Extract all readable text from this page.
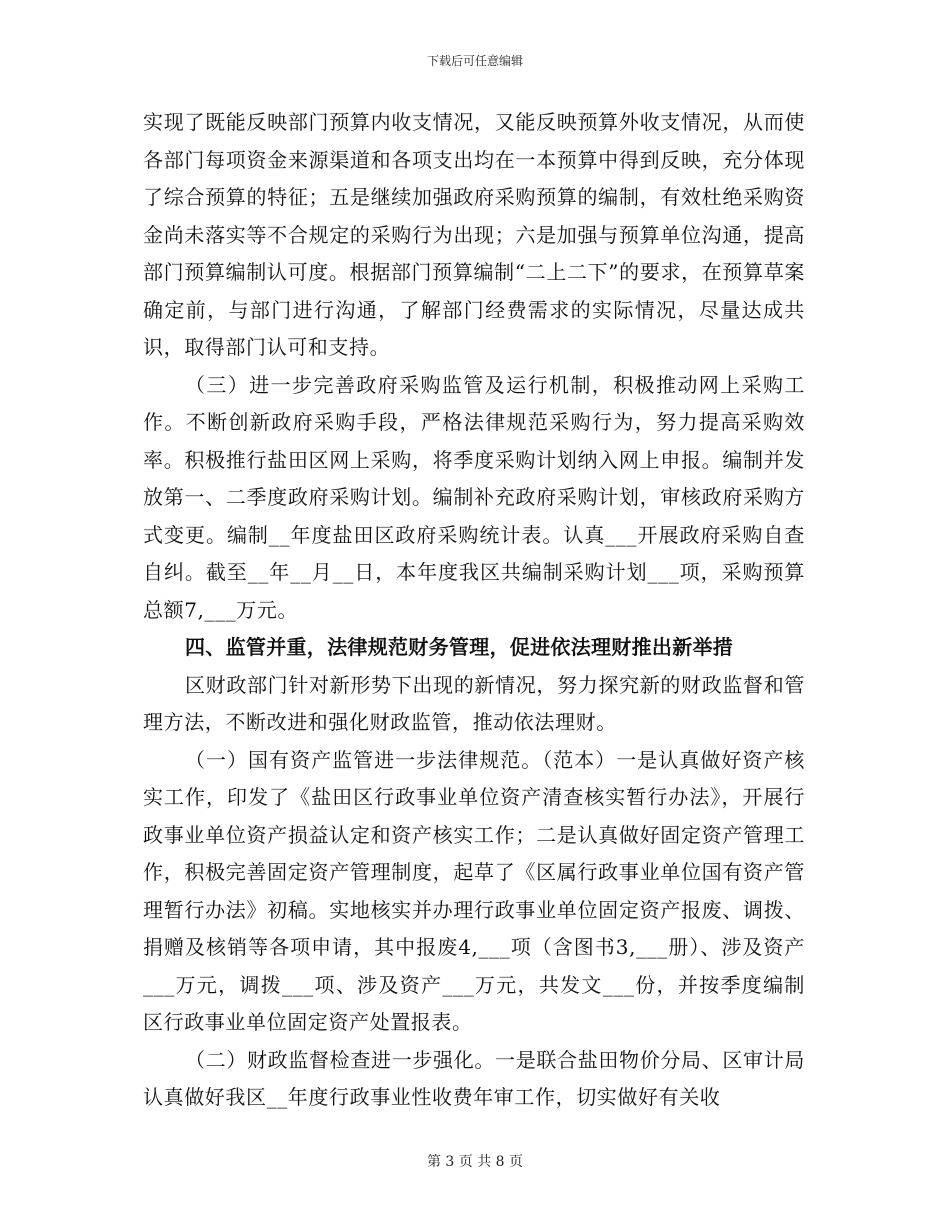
下载后可任意编辑

实现了既能反映部门预算内收支情况，又能反映预算外收支情况，从而使各部门每项资金来源渠道和各项支出均在一本预算中得到反映，充分体现了综合预算的特征；五是继续加强政府采购预算的编制，有效杜绝采购资金尚未落实等不合规定的采购行为出现；六是加强与预算单位沟通，提高部门预算编制认可度。根据部门预算编制“二上二下”的要求，在预算草案确定前，与部门进行沟通，了解部门经费需求的实际情况，尽量达成共识，取得部门认可和支持。

（三）进一步完善政府采购监管及运行机制，积极推动网上采购工作。不断创新政府采购手段，严格法律规范采购行为，努力提高采购效率。积极推行盐田区网上采购，将季度采购计划纳入网上申报。编制并发放第一、二季度政府采购计划。编制补充政府采购计划，审核政府采购方式变更。编制__年度盐田区政府采购统计表。认真___开展政府采购自查自纠。截至__年__月__日，本年度我区共编制采购计划___项，采购预算总额7,___万元。

四、监管并重，法律规范财务管理，促进依法理财推出新举措

区财政部门针对新形势下出现的新情况，努力探究新的财政监督和管理方法，不断改进和强化财政监管，推动依法理财。

（一）国有资产监管进一步法律规范。（范本）一是认真做好资产核实工作，印发了《盐田区行政事业单位资产清查核实暂行办法》，开展行政事业单位资产损益认定和资产核实工作；二是认真做好固定资产管理工作，积极完善固定资产管理制度，起草了《区属行政事业单位国有资产管理暂行办法》初稿。实地核实并办理行政事业单位固定资产报废、调拨、捐赠及核销等各项申请，其中报废4,___项（含图书3,___册）、涉及资产___万元，调拨___项、涉及资产___万元，共发文___份，并按季度编制区行政事业单位固定资产处置报表。

（二）财政监督检查进一步强化。一是联合盐田物价分局、区审计局认真做好我区__年度行政事业性收费年审工作，切实做好有关收

第 3 页 共 8 页
